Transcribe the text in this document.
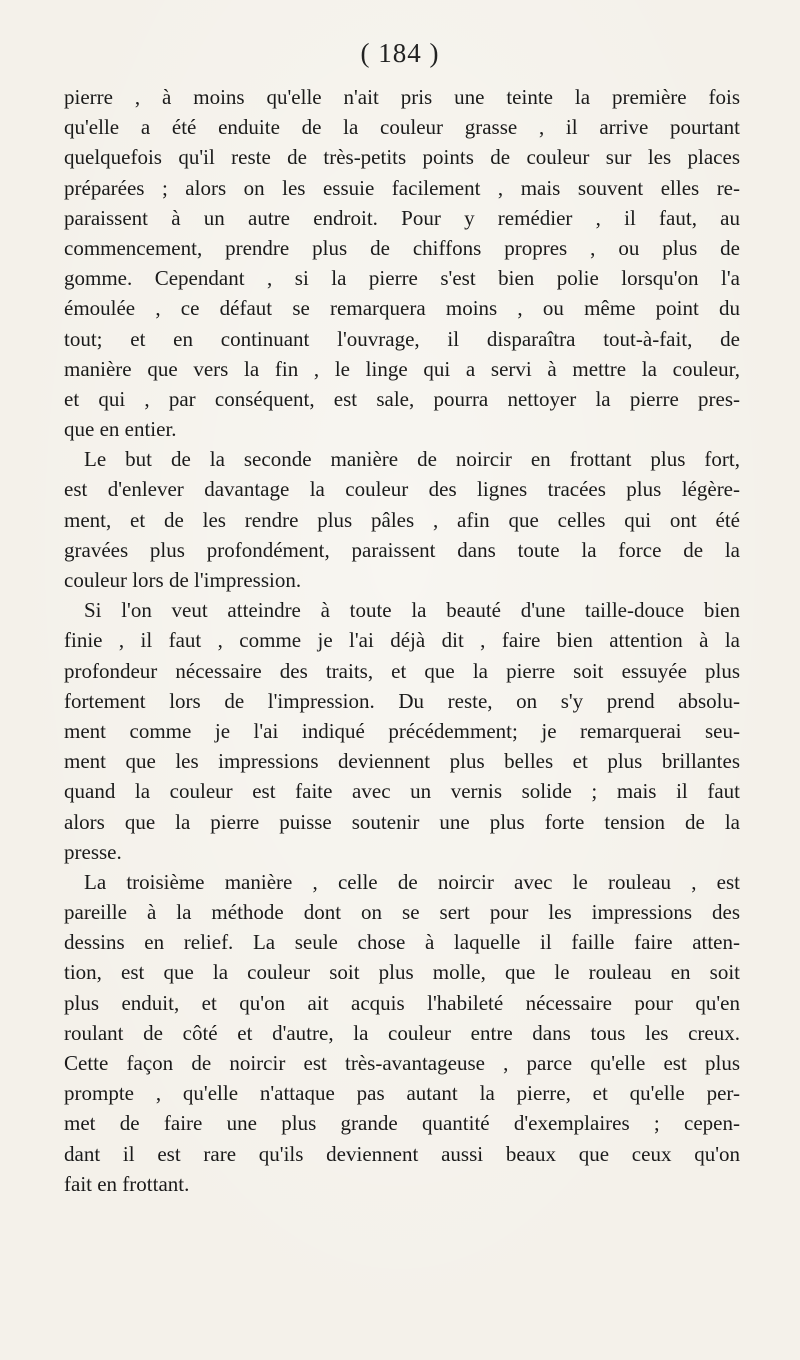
( 184 )
pierre , à moins qu'elle n'ait pris une teinte la première fois
qu'elle a été enduite de la couleur grasse , il arrive pourtant
quelquefois qu'il reste de très-petits points de couleur sur les places
préparées ; alors on les essuie facilement , mais souvent elles re-
paraissent à un autre endroit. Pour y remédier , il faut, au
commencement, prendre plus de chiffons propres , ou plus de
gomme. Cependant , si la pierre s'est bien polie lorsqu'on l'a
émoulée , ce défaut se remarquera moins , ou même point du
tout; et en continuant l'ouvrage, il disparaîtra tout-à-fait, de
manière que vers la fin , le linge qui a servi à mettre la couleur,
et qui , par conséquent, est sale, pourra nettoyer la pierre pres-
que en entier.
Le but de la seconde manière de noircir en frottant plus fort,
est d'enlever davantage la couleur des lignes tracées plus légère-
ment, et de les rendre plus pâles , afin que celles qui ont été
gravées plus profondément, paraissent dans toute la force de la
couleur lors de l'impression.
Si l'on veut atteindre à toute la beauté d'une taille-douce bien
finie , il faut , comme je l'ai déjà dit , faire bien attention à la
profondeur nécessaire des traits, et que la pierre soit essuyée plus
fortement lors de l'impression. Du reste, on s'y prend absolu-
ment comme je l'ai indiqué précédemment; je remarquerai seu-
ment que les impressions deviennent plus belles et plus brillantes
quand la couleur est faite avec un vernis solide ; mais il faut
alors que la pierre puisse soutenir une plus forte tension de la
presse.
La troisième manière , celle de noircir avec le rouleau , est
pareille à la méthode dont on se sert pour les impressions des
dessins en relief. La seule chose à laquelle il faille faire atten-
tion, est que la couleur soit plus molle, que le rouleau en soit
plus enduit, et qu'on ait acquis l'habileté nécessaire pour qu'en
roulant de côté et d'autre, la couleur entre dans tous les creux.
Cette façon de noircir est très-avantageuse , parce qu'elle est plus
prompte , qu'elle n'attaque pas autant la pierre, et qu'elle per-
met de faire une plus grande quantité d'exemplaires ; cepen-
dant il est rare qu'ils deviennent aussi beaux que ceux qu'on
fait en frottant.
